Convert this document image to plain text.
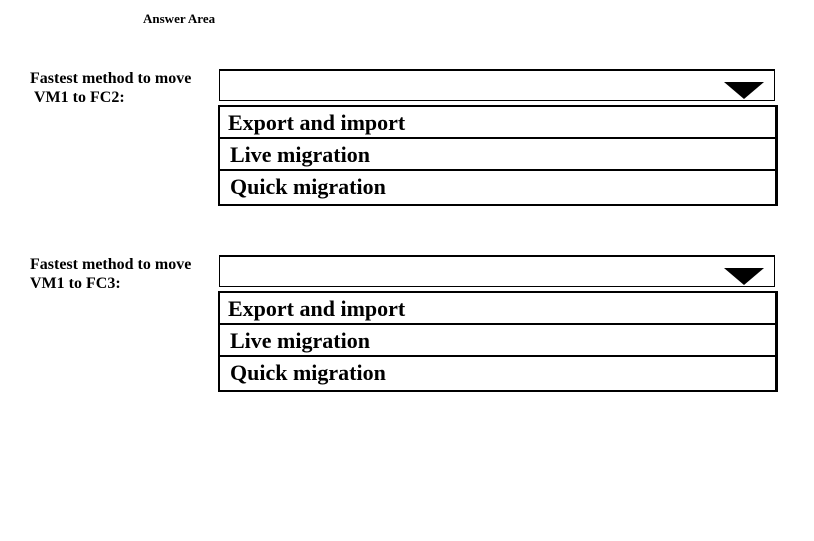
Answer Area
Fastest method to move
VM1 to FC2:
Export and import
Live migration
Quick migration
Fastest method to move
VM1 to FC3:
Export and import
Live migration
Quick migration
